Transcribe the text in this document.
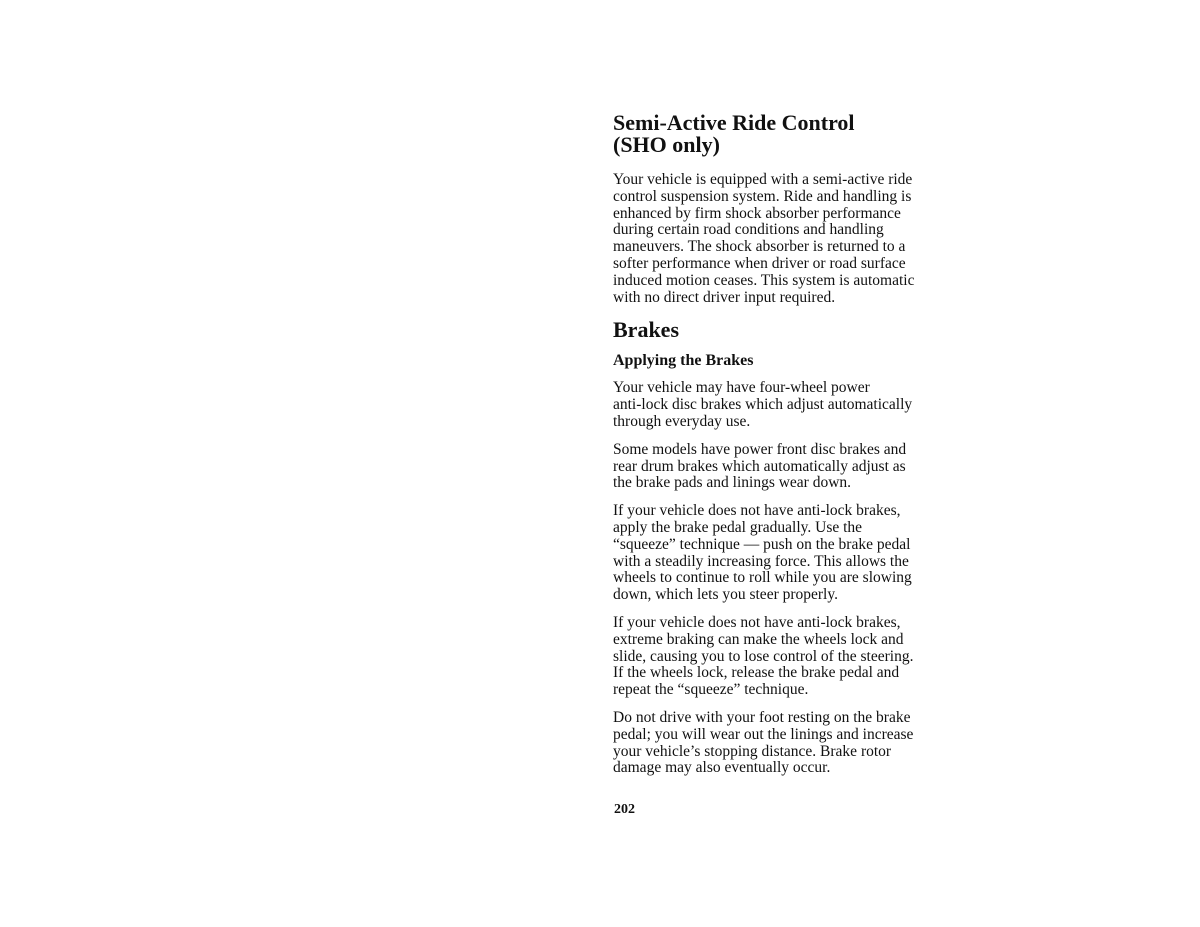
Semi-Active Ride Control
(SHO only)

Your vehicle is equipped with a semi-active ride
control suspension system. Ride and handling is
enhanced by firm shock absorber performance
during certain road conditions and handling
maneuvers. The shock absorber is returned to a
softer performance when driver or road surface
induced motion ceases. This system is automatic
with no direct driver input required.

Brakes
Applying the Brakes

Your vehicle may have four-wheel power
anti-lock disc brakes which adjust automatically
through everyday use.

Some models have power front disc brakes and
rear drum brakes which automatically adjust as
the brake pads and linings wear down.

If your vehicle does not have anti-lock brakes,
apply the brake pedal gradually. Use the
“squeeze” technique — push on the brake pedal
with a steadily increasing force. This allows the
wheels to continue to roll while you are slowing
down, which lets you steer properly.

If your vehicle does not have anti-lock brakes,
extreme braking can make the wheels lock and
slide, causing you to lose control of the steering.
If the wheels lock, release the brake pedal and
repeat the “squeeze” technique.

Do not drive with your foot resting on the brake
pedal; you will wear out the linings and increase
your vehicle’s stopping distance. Brake rotor
damage may also eventually occur.

202
